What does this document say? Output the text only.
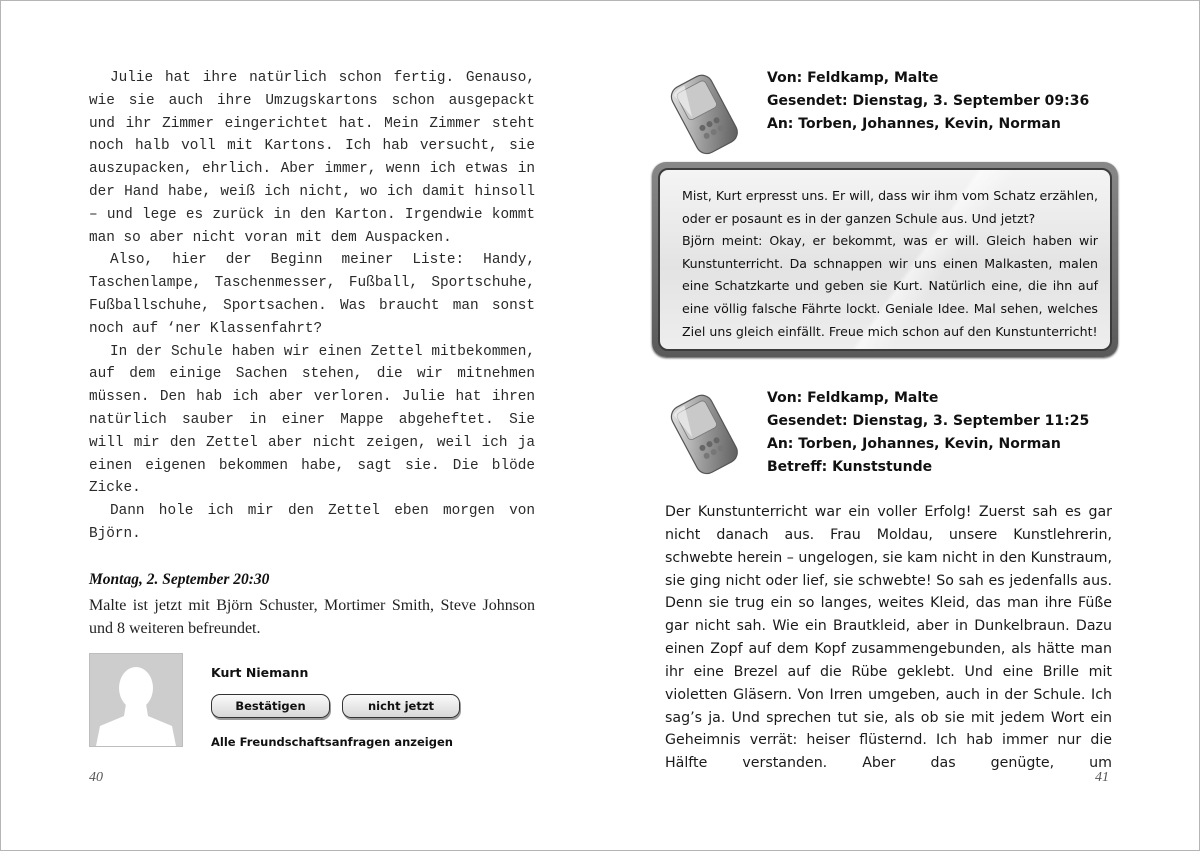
Julie hat ihre natürlich schon fertig. Genauso, wie sie auch ihre Umzugskartons schon ausgepackt und ihr Zimmer eingerichtet hat. Mein Zimmer steht noch halb voll mit Kartons. Ich hab versucht, sie auszupacken, ehrlich. Aber immer, wenn ich etwas in der Hand habe, weiß ich nicht, wo ich damit hinsoll – und lege es zurück in den Karton. Irgendwie kommt man so aber nicht voran mit dem Auspacken.

Also, hier der Beginn meiner Liste: Handy, Taschenlampe, Taschenmesser, Fußball, Sportschuhe, Fußballschuhe, Sportsachen. Was braucht man sonst noch auf ‘ner Klassenfahrt?

In der Schule haben wir einen Zettel mitbekommen, auf dem einige Sachen stehen, die wir mitnehmen müssen. Den hab ich aber verloren. Julie hat ihren natürlich sauber in einer Mappe abgeheftet. Sie will mir den Zettel aber nicht zeigen, weil ich ja einen eigenen bekommen habe, sagt sie. Die blöde Zicke.

Dann hole ich mir den Zettel eben morgen von Björn.

Montag, 2. September 20:30
Malte ist jetzt mit Björn Schuster, Mortimer Smith, Steve Johnson und 8 weiteren befreundet.
Kurt Niemann
Bestätigen	nicht jetzt
Alle Freundschaftsanfragen anzeigen
40
Von: Feldkamp, Malte
Gesendet: Dienstag, 3. September 09:36
An: Torben, Johannes, Kevin, Norman

Mist, Kurt erpresst uns. Er will, dass wir ihm vom Schatz erzählen, oder er posaunt es in der ganzen Schule aus. Und jetzt?

Björn meint: Okay, er bekommt, was er will. Gleich haben wir Kunstunterricht. Da schnappen wir uns einen Malkasten, malen eine Schatzkarte und geben sie Kurt. Natürlich eine, die ihn auf eine völlig falsche Fährte lockt. Geniale Idee. Mal sehen, welches Ziel uns gleich einfällt. Freue mich schon auf den Kunstunterricht!

Von: Feldkamp, Malte
Gesendet: Dienstag, 3. September 11:25
An: Torben, Johannes, Kevin, Norman
Betreff: Kunststunde
Der Kunstunterricht war ein voller Erfolg! Zuerst sah es gar nicht danach aus. Frau Moldau, unsere Kunstlehrerin, schwebte herein – ungelogen, sie kam nicht in den Kunstraum, sie ging nicht oder lief, sie schwebte! So sah es jedenfalls aus. Denn sie trug ein so langes, weites Kleid, das man ihre Füße gar nicht sah. Wie ein Brautkleid, aber in Dunkelbraun. Dazu einen Zopf auf dem Kopf zusammengebunden, als hätte man ihr eine Brezel auf die Rübe geklebt. Und eine Brille mit violetten Gläsern. Von Irren umgeben, auch in der Schule. Ich sag’s ja. Und sprechen tut sie, als ob sie mit jedem Wort ein Geheimnis verrät: heiser flüsternd. Ich hab immer nur die Hälfte verstanden. Aber das genügte, um
41
